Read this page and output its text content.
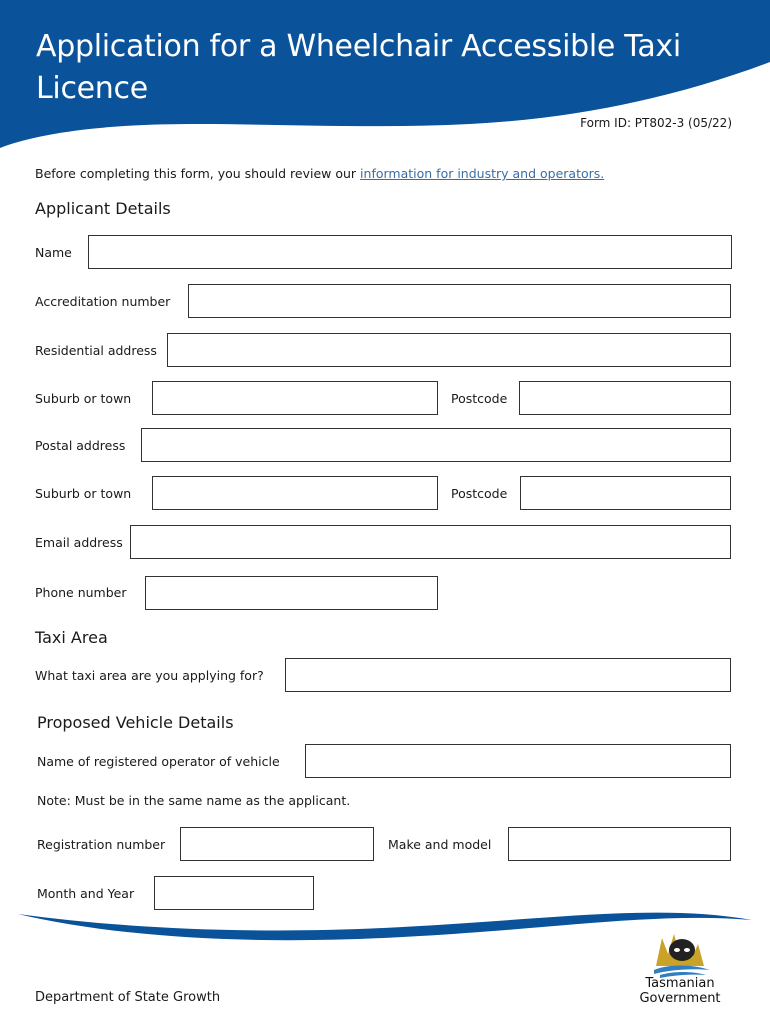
Application for a Wheelchair Accessible Taxi Licence
Form ID: PT802-3 (05/22)
Before completing this form, you should review our information for industry and operators.
Applicant Details
Name
Accreditation number
Residential address
Suburb or town	Postcode
Postal address
Suburb or town	Postcode
Email address
Phone number
Taxi Area
What taxi area are you applying for?
Proposed Vehicle Details
Name of registered operator of vehicle
Note: Must be in the same name as the applicant.
Registration number	Make and model
Month and Year
Department of State Growth
Tasmanian
Government
